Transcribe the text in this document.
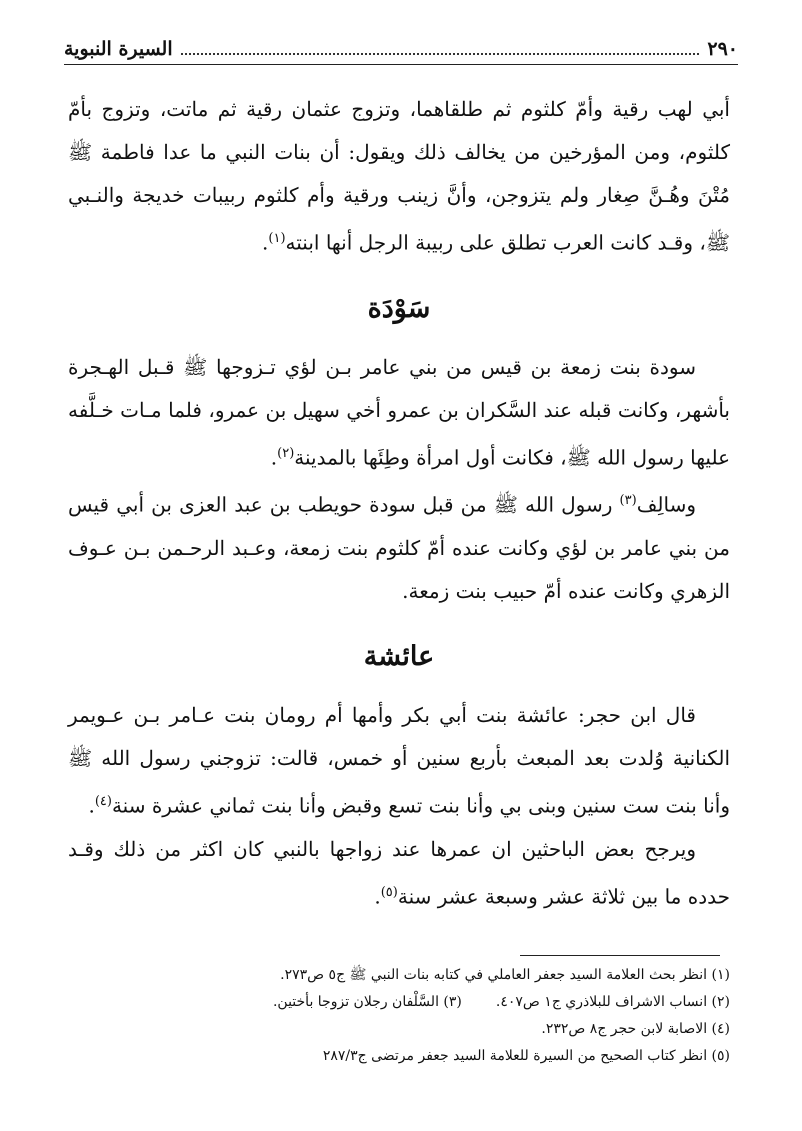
٢٩٠
السيرة النبوية

أبي لهب رقية وأمّ كلثوم ثم طلقاهما، وتزوج عثمان رقية ثم ماتت، وتزوج بأمّ كلثوم، ومن المؤرخين من يخالف ذلك ويقول: أن بنات النبي ما عدا فاطمة ﷺ مُتْنَ وهُـنَّ صِغار ولم يتزوجن، وأنَّ زينب ورقية وأم كلثوم ربيبات خديجة والنـبي ﷺ، وقـد كانت العرب تطلق على ربيبة الرجل أنها ابنته$^{(١)}$.

سَوْدَة

سودة بنت زمعة بن قيس من بني عامر بـن لؤي تـزوجها ﷺ قـبل الهـجرة بأشهر، وكانت قبله عند السَّكران بن عمرو أخي سهيل بن عمرو، فلما مـات خـلَّفه عليها رسول الله ﷺ، فكانت أول امرأة وطِئَها بالمدينة$^{(٢)}$.

وسالِف$^{(٣)}$ رسول الله ﷺ من قبل سودة حويطب بن عبد العزى بن أبي قيس من بني عامر بن لؤي وكانت عنده أمّ كلثوم بنت زمعة، وعـبد الرحـمن بـن عـوف الزهري وكانت عنده أمّ حبيب بنت زمعة.

عائشة

قال ابن حجر: عائشة بنت أبي بكر وأمها أم رومان بنت عـامر بـن عـويمر الكنانية وُلدت بعد المبعث بأربع سنين أو خمس، قالت: تزوجني رسول الله ﷺ وأنا بنت ست سنين وبنى بي وأنا بنت تسع وقبض وأنا بنت ثماني عشرة سنة$^{(٤)}$.

ويرجح بعض الباحثين ان عمرها عند زواجها بالنبي كان اكثر من ذلك وقـد حدده ما بين ثلاثة عشر وسبعة عشر سنة$^{(٥)}$.

(١) انظر بحث العلامة السيد جعفر العاملي في كتابه بنات النبي ﷺ ج٥ ص٢٧٣.

(٢) انساب الاشراف للبلاذري ج١ ص٤٠٧.
(٣) السَّلْفان رجلان تزوجا بأختين.

(٤) الاصابة لابن حجر ج٨ ص٢٣٢.

(٥) انظر كتاب الصحيح من السيرة للعلامة السيد جعفر مرتضى ج٢٨٧/٣
